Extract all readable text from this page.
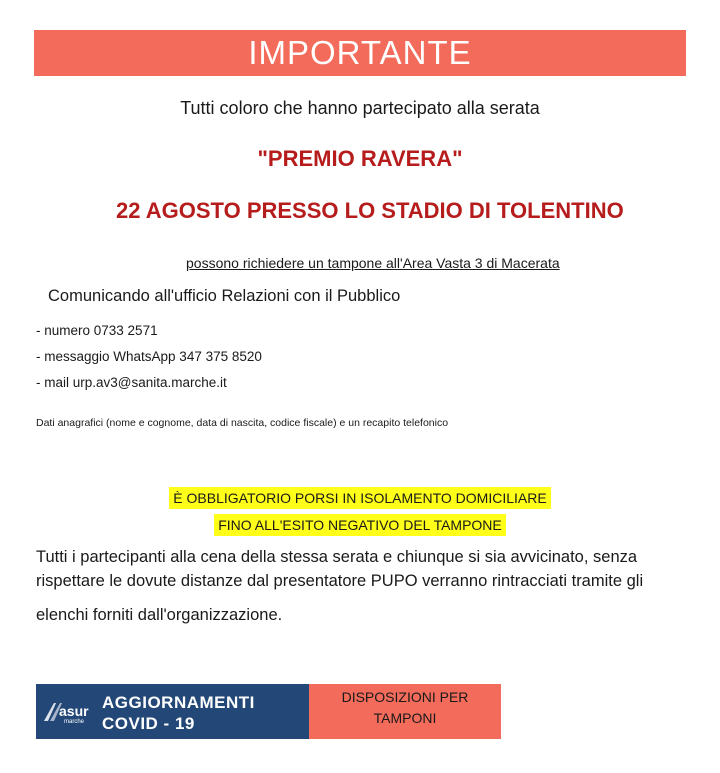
IMPORTANTE
Tutti coloro che hanno partecipato alla serata
"PREMIO RAVERA"
22 AGOSTO PRESSO LO STADIO DI TOLENTINO
possono richiedere un tampone all'Area Vasta 3 di Macerata
Comunicando all'ufficio Relazioni con il Pubblico
- numero 0733 2571
- messaggio WhatsApp 347 375 8520
- mail urp.av3@sanita.marche.it
Dati anagrafici (nome e cognome, data di nascita, codice fiscale) e un recapito telefonico
È OBBLIGATORIO PORSI IN ISOLAMENTO DOMICILIARE
FINO ALL'ESITO NEGATIVO DEL TAMPONE

Tutti i partecipanti alla cena della stessa serata e chiunque si sia avvicinato, senza

rispettare le dovute distanze dal presentatore PUPO verranno rintracciati tramite gli

elenchi forniti dall'organizzazione.

asur
marche
AGGIORNAMENTI
COVID - 19
DISPOSIZIONI PER
TAMPONI
